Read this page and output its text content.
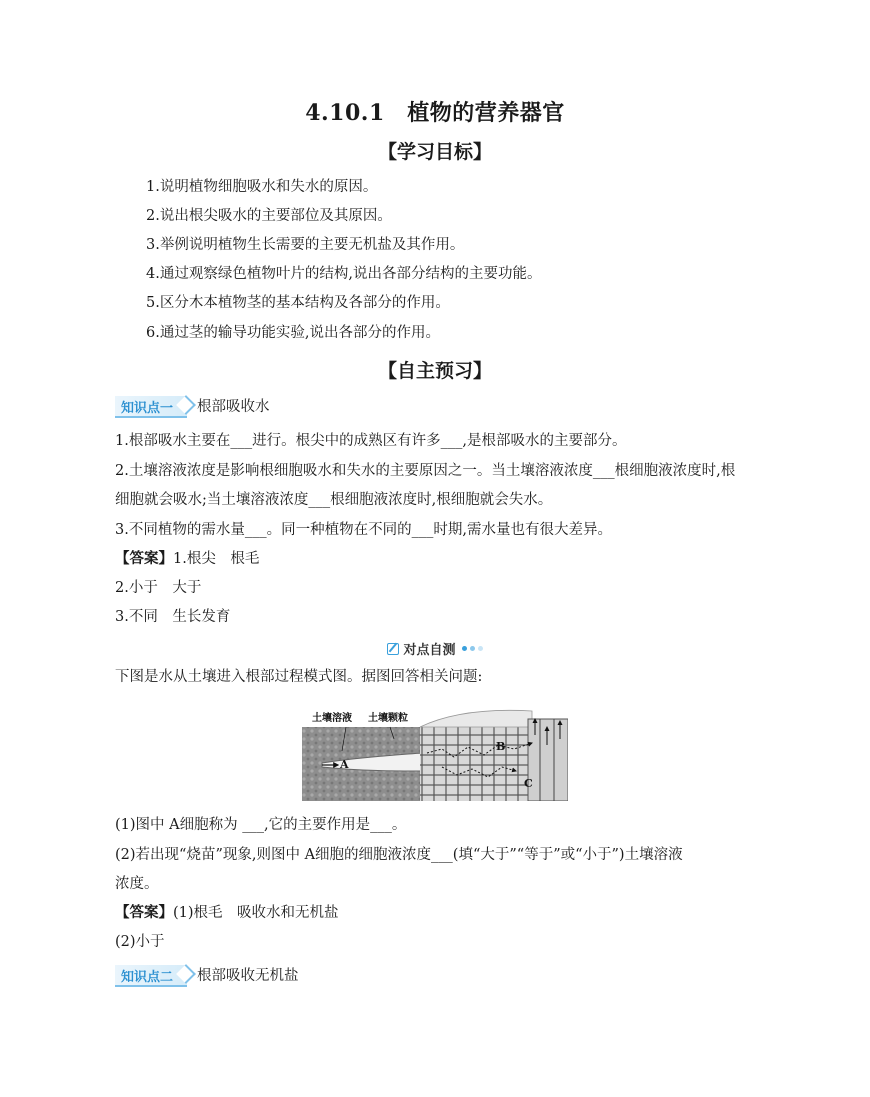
4.10.1　植物的营养器官
【学习目标】
1.说明植物细胞吸水和失水的原因。
2.说出根尖吸水的主要部位及其原因。
3.举例说明植物生长需要的主要无机盐及其作用。
4.通过观察绿色植物叶片的结构,说出各部分结构的主要功能。
5.区分木本植物茎的基本结构及各部分的作用。
6.通过茎的输导功能实验,说出各部分的作用。
【自主预习】
知识点一	根部吸收水
1.根部吸水主要在___进行。根尖中的成熟区有许多___,是根部吸水的主要部分。
2.土壤溶液浓度是影响根细胞吸水和失水的主要原因之一。当土壤溶液浓度___根细胞液浓度时,根
细胞就会吸水;当土壤溶液浓度___根细胞液浓度时,根细胞就会失水。
3.不同植物的需水量___。同一种植物在不同的___时期,需水量也有很大差异。
【答案】1.根尖　根毛
2.小于　大于
3.不同　生长发育
对点自测
下图是水从土壤进入根部过程模式图。据图回答相关问题:
土壤溶液 土壤颗粒
A
B
C
(1)图中 A细胞称为 ___,它的主要作用是___。
(2)若出现“烧苗”现象,则图中 A细胞的细胞液浓度___(填“大于”“等于”或“小于”)土壤溶液
浓度。
【答案】(1)根毛　吸收水和无机盐
(2)小于
知识点二	根部吸收无机盐
